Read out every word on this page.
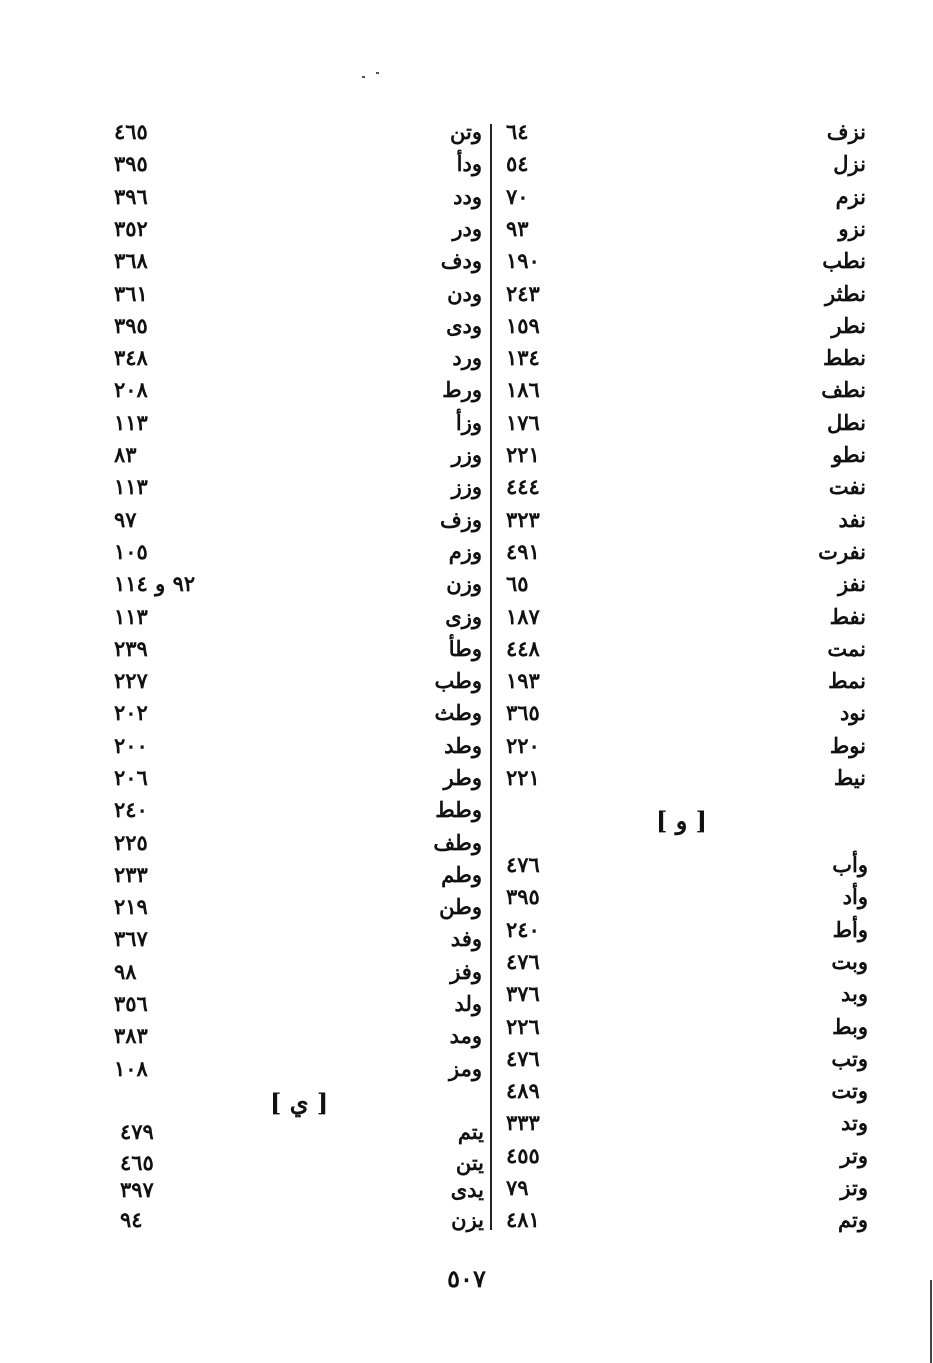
نزف
٦٤
نزل
٥٤
نزم
٧٠
نزو
٩٣
نطب
١٩٠
نطثر
٢٤٣
نطر
١٥٩
نطط
١٣٤
نطف
١٨٦
نطل
١٧٦
نطو
٢٢١
نفت
٤٤٤
نفد
٣٢٣
نفرت
٤٩١
نفز
٦٥
نفط
١٨٧
نمت
٤٤٨
نمط
١٩٣
نود
٣٦٥
نوط
٢٢٠
نيط
٢٢١
[ و ]
وأب
٤٧٦
وأد
٣٩٥
وأط
٢٤٠
وبت
٤٧٦
وبد
٣٧٦
وبط
٢٢٦
وتب
٤٧٦
وتت
٤٨٩
وتد
٣٣٣
وتر
٤٥٥
وتز
٧٩
وتم
٤٨١
وتن
٤٦٥
ودأ
٣٩٥
ودد
٣٩٦
ودر
٣٥٢
ودف
٣٦٨
ودن
٣٦١
ودى
٣٩٥
ورد
٣٤٨
ورط
٢٠٨
وزأ
١١٣
وزر
٨٣
وزز
١١٣
وزف
٩٧
وزم
١٠٥
وزن
٩٢ و ١١٤
وزى
١١٣
وطأ
٢٣٩
وطب
٢٢٧
وطث
٢٠٢
وطد
٢٠٠
وطر
٢٠٦
وطط
٢٤٠
وطف
٢٢٥
وطم
٢٣٣
وطن
٢١٩
وفد
٣٦٧
وفز
٩٨
ولد
٣٥٦
ومد
٣٨٣
ومز
١٠٨
[ ي ]
يتم
٤٧٩
يتن
٤٦٥
يدى
٣٩٧
يزن
٩٤
٥٠٧
